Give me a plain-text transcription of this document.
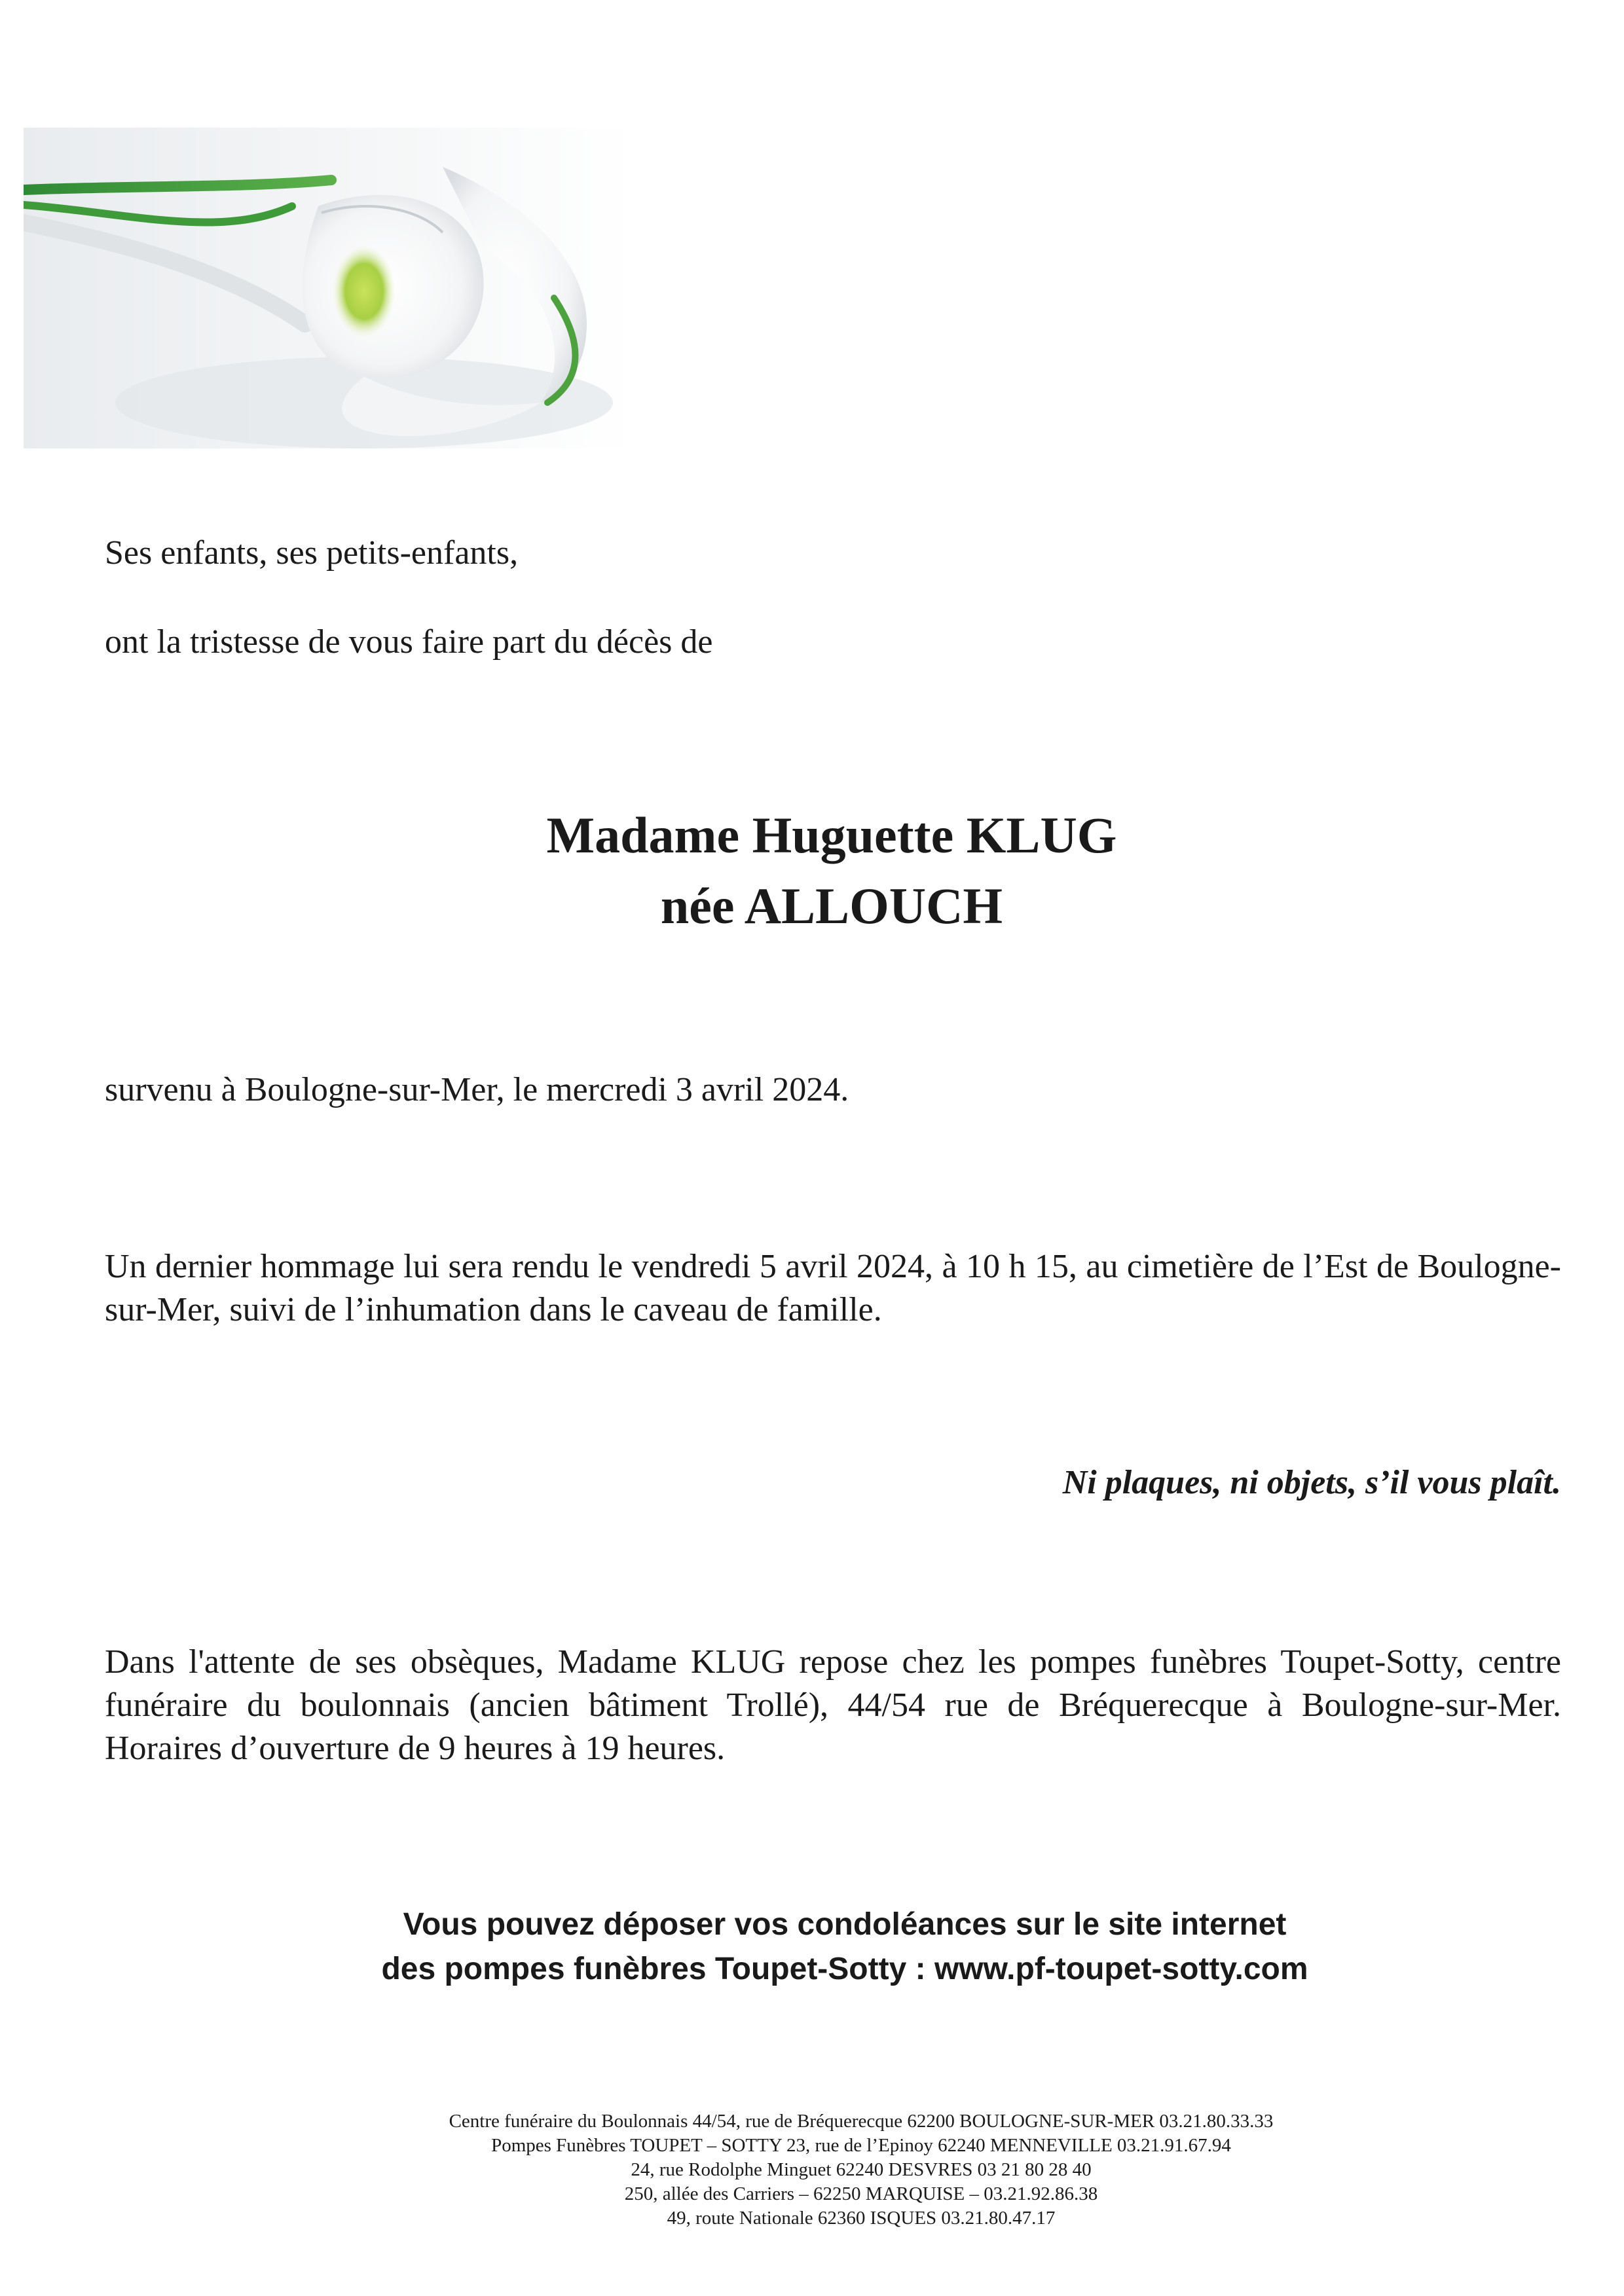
Ses enfants, ses petits-enfants,
ont la tristesse de vous faire part du décès de
Madame Huguette KLUG
née ALLOUCH
survenu à Boulogne-sur-Mer, le mercredi 3 avril 2024.
Un dernier hommage lui sera rendu le vendredi 5 avril 2024, à 10 h 15, au cimetière de l’Est de Boulogne-sur-Mer, suivi de l’inhumation dans le caveau de famille.
Ni plaques, ni objets, s’il vous plaît.
Dans l'attente de ses obsèques, Madame KLUG repose chez les pompes funèbres Toupet-Sotty, centre funéraire du boulonnais (ancien bâtiment Trollé), 44/54 rue de Bréquerecque à Boulogne-sur-Mer. Horaires d’ouverture de 9 heures à 19 heures.
Vous pouvez déposer vos condoléances sur le site internet
des pompes funèbres Toupet-Sotty : www.pf-toupet-sotty.com
Centre funéraire du Boulonnais 44/54, rue de Bréquerecque 62200 BOULOGNE-SUR-MER 03.21.80.33.33
Pompes Funèbres TOUPET – SOTTY 23, rue de l’Epinoy 62240 MENNEVILLE 03.21.91.67.94
24, rue Rodolphe Minguet 62240 DESVRES 03 21 80 28 40
250, allée des Carriers – 62250 MARQUISE – 03.21.92.86.38
49, route Nationale 62360 ISQUES 03.21.80.47.17
